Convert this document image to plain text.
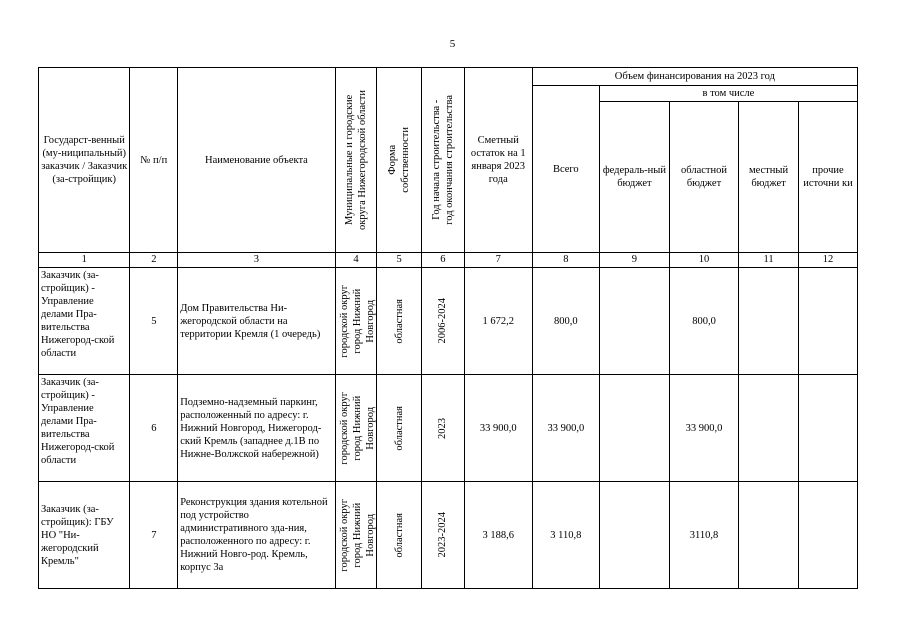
5
Государст-венный (му-ниципальный) заказчик / Заказчик (за-стройщик)	№ п/п	Наименование объекта	Муниципальные и городские округа Нижегородской области	Форма собственности	Год начала строительства - год окончания строительства	Сметный остаток на 1 января 2023 года	Объем финансирования на 2023 год				
							Всего	в том числе			
								федераль-ный бюджет	областной бюджет	местный бюджет	прочие источни ки
1	2	3	4	5	6	7	8	9	10	11	12
Заказчик (за-стройщик) - Управление делами Пра-вительства Нижегород-ской области	5	Дом Правительства Ни-жегородской области на территории Кремля (1 очередь)	городской округ город Нижний Новгород	областная	2006-2024	1 672,2	800,0		800,0		
Заказчик (за-стройщик) - Управление делами Пра-вительства Нижегород-ской области	6	Подземно-надземный паркинг, расположенный по адресу: г. Нижний Новгород, Нижегород-ский Кремль (западнее д.1В по Нижне-Волжской набережной)	городской округ город Нижний Новгород	областная	2023	33 900,0	33 900,0		33 900,0		
Заказчик (за-стройщик): ГБУ НО "Ни-жегородский Кремль"	7	Реконструкция здания котельной под устройство административного зда-ния, расположенного по адресу: г. Нижний Новго-род. Кремль, корпус 3а	городской округ город Нижний Новгород	областная	2023-2024	3 188,6	3 110,8		3110,8		
